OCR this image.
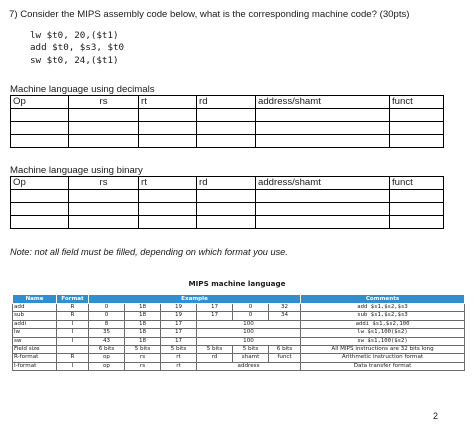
7) Consider the MIPS assembly code below, what is the corresponding machine code? (30pts)
lw $t0, 20,($t1)
add $t0, $s3, $t0
sw $t0, 24,($t1)
Machine language using decimals
Op	rs	rt	rd	address/shamt	funct

Machine language using binary
Op	rs	rt	rd	address/shamt	funct

Note: not all field must be filled, depending on which format you use.
MIPS machine language
Name	Format	Example						Comments
add	R	0	18	19	17	0	32	add $s1,$s2,$s3
sub	R	0	18	19	17	0	34	sub $s1,$s2,$s3
addi	I	8	18	17	100			addi $s1,$s2,100
lw	I	35	18	17	100			lw $s1,100($s2)
sw	I	43	18	17	100			sw $s1,100($s2)
Field size		6 bits	5 bits	5 bits	5 bits	5 bits	6 bits	All MIPS instructions are 32 bits long
R-format	R	op	rs	rt	rd	shamt	funct	Arithmetic instruction format
I-format	I	op	rs	rt	address			Data transfer format
2
